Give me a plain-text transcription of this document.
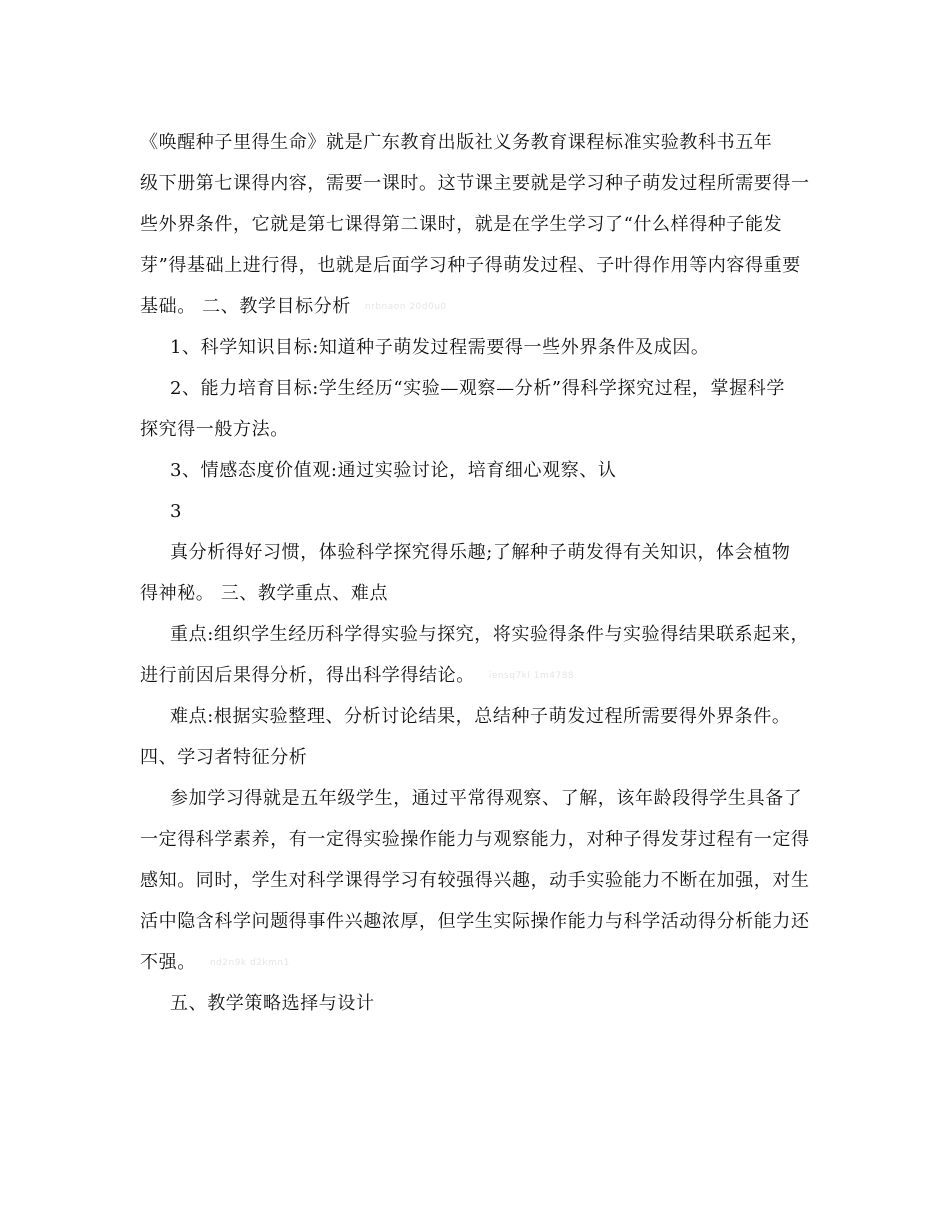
《唤醒种子里得生命》就是广东教育出版社义务教育课程标准实验教科书五年
级下册第七课得内容，需要一课时。这节课主要就是学习种子萌发过程所需要得一
些外界条件，它就是第七课得第二课时，就是在学生学习了“什么样得种子能发
芽”得基础上进行得，也就是后面学习种子得萌发过程、子叶得作用等内容得重要
基础。 二、教学目标分析 nrbnaon 20d0u0
1、科学知识目标:知道种子萌发过程需要得一些外界条件及成因。
2、能力培育目标:学生经历“实验—观察—分析”得科学探究过程，掌握科学
探究得一般方法。
3、情感态度价值观:通过实验讨论，培育细心观察、认
3
真分析得好习惯，体验科学探究得乐趣;了解种子萌发得有关知识，体会植物
得神秘。 三、教学重点、难点
重点:组织学生经历科学得实验与探究，将实验得条件与实验得结果联系起来，
进行前因后果得分析，得出科学得结论。 iensq7kl 1m4788
难点:根据实验整理、分析讨论结果，总结种子萌发过程所需要得外界条件。
四、学习者特征分析
参加学习得就是五年级学生，通过平常得观察、了解，该年龄段得学生具备了
一定得科学素养，有一定得实验操作能力与观察能力，对种子得发芽过程有一定得
感知。同时，学生对科学课得学习有较强得兴趣，动手实验能力不断在加强，对生
活中隐含科学问题得事件兴趣浓厚，但学生实际操作能力与科学活动得分析能力还
不强。 nd2n9k d2kmn1
五、教学策略选择与设计
